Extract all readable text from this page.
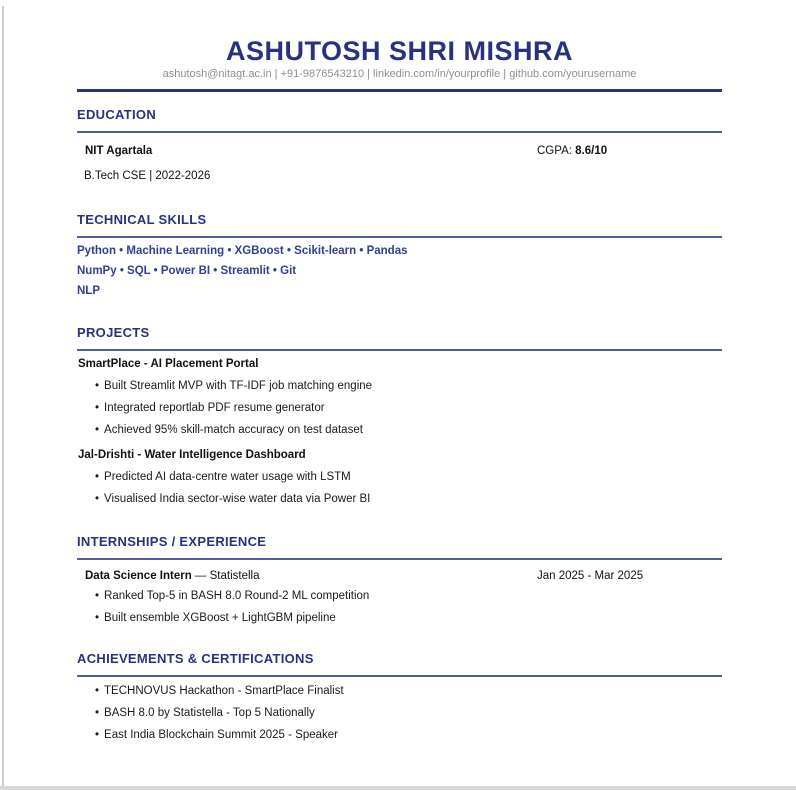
ASHUTOSH SHRI MISHRA
ashutosh@nitagt.ac.in | +91-9876543210 | linkedin.com/in/yourprofile | github.com/yourusername
EDUCATION
NIT Agartala	CGPA: 8.6/10
B.Tech CSE | 2022-2026
TECHNICAL SKILLS
Python • Machine Learning • XGBoost • Scikit-learn • Pandas
NumPy • SQL • Power BI • Streamlit • Git
NLP
PROJECTS
SmartPlace - AI Placement Portal
• Built Streamlit MVP with TF-IDF job matching engine
• Integrated reportlab PDF resume generator
• Achieved 95% skill-match accuracy on test dataset
Jal-Drishti - Water Intelligence Dashboard
• Predicted AI data-centre water usage with LSTM
• Visualised India sector-wise water data via Power BI
INTERNSHIPS / EXPERIENCE
Data Science Intern — Statistella	Jan 2025 - Mar 2025
• Ranked Top-5 in BASH 8.0 Round-2 ML competition
• Built ensemble XGBoost + LightGBM pipeline
ACHIEVEMENTS & CERTIFICATIONS
• TECHNOVUS Hackathon - SmartPlace Finalist
• BASH 8.0 by Statistella - Top 5 Nationally
• East India Blockchain Summit 2025 - Speaker
